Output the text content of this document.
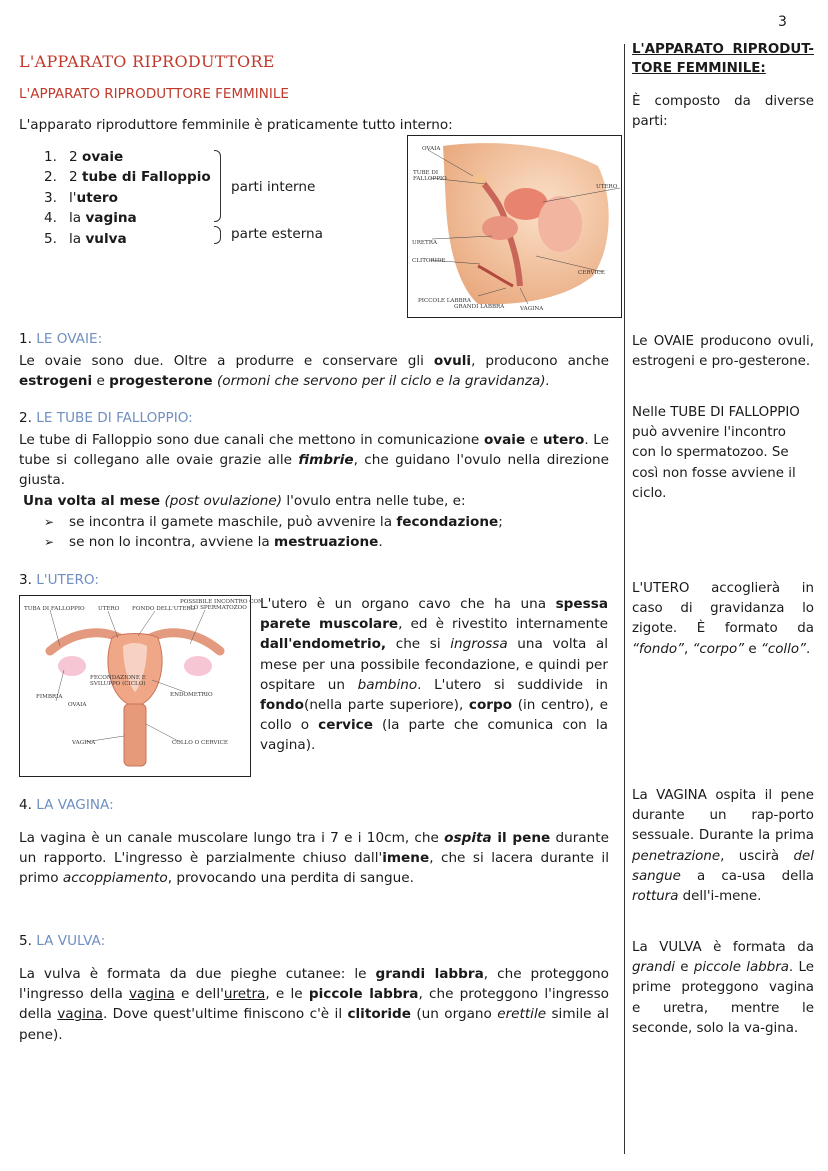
3
L'APPARATO RIPRODUTTORE
L'APPARATO RIPRODUTTORE FEMMINILE
L'apparato riproduttore femminile è praticamente tutto interno:
1. 2 ovaie
2. 2 tube di Falloppio
3. l'utero
4. la vagina
5. la vulva
parti interne
parte esterna
OVAIA
TUBE DI
FALLOPPIO
UTERO
URETRA
CLITORIDE
CERVICE
PICCOLE LABBRA
GRANDI LABBRA	VAGINA
1. LE OVAIE:
Le ovaie sono due. Oltre a produrre e conservare gli ovuli, producono anche estrogeni e progesterone (ormoni che servono per il ciclo e la gravidanza).
2. LE TUBE DI FALLOPPIO:
Le tube di Falloppio sono due canali che mettono in comunicazione ovaie e utero. Le tube si collegano alle ovaie grazie alle fimbrie, che guidano l'ovulo nella direzione giusta.
Una volta al mese (post ovulazione) l'ovulo entra nelle tube, e:
➢ se incontra il gamete maschile, può avvenire la fecondazione;
➢ se non lo incontra, avviene la mestruazione.
3. L'UTERO:
TUBA DI FALLOPPIO UTERO FONDO DELL'UTERO
POSSIBILE INCONTRO CON
LO SPERMATOZOO
FECONDAZIONE E
SVILUPPO (CICLO)
ENDOMETRIO
FIMBRIA
OVAIA
VAGINA	COLLO O CERVICE
L'utero è un organo cavo che ha una spessa parete muscolare, ed è rivestito internamente dall'endometrio, che si ingrossa una volta al mese per una possibile fecondazione, e quindi per ospitare un bambino. L'utero si suddivide in fondo(nella parte superiore), corpo (in centro), e collo o cervice (la parte che comunica con la vagina).
4. LA VAGINA:
La vagina è un canale muscolare lungo tra i 7 e i 10cm, che ospita il pene durante un rapporto. L'ingresso è parzialmente chiuso dall'imene, che si lacera durante il primo accoppiamento, provocando una perdita di sangue.
5. LA VULVA:
La vulva è formata da due pieghe cutanee: le grandi labbra, che proteggono l'ingresso della vagina e dell'uretra, e le piccole labbra, che proteggono l'ingresso della vagina. Dove quest'ultime finiscono c'è il clitoride (un organo erettile simile al pene).
L'APPARATO RIPRODUT-
TORE FEMMINILE:
È composto da diverse parti:
Le OVAIE producono ovuli, estrogeni e pro-gesterone.
Nelle TUBE DI FALLOPPIO può avvenire l'incontro con lo spermatozoo. Se così non fosse avviene il ciclo.
L'UTERO accoglierà in caso di gravidanza lo zigote. È formato da “fondo”, “corpo” e “collo”.
La VAGINA ospita il pene durante un rap-porto sessuale. Durante la prima penetrazione, uscirà del sangue a ca-usa della rottura dell'i-mene.
La VULVA è formata da grandi e piccole labbra. Le prime proteggono vagina e uretra, mentre le seconde, solo la va-gina.
